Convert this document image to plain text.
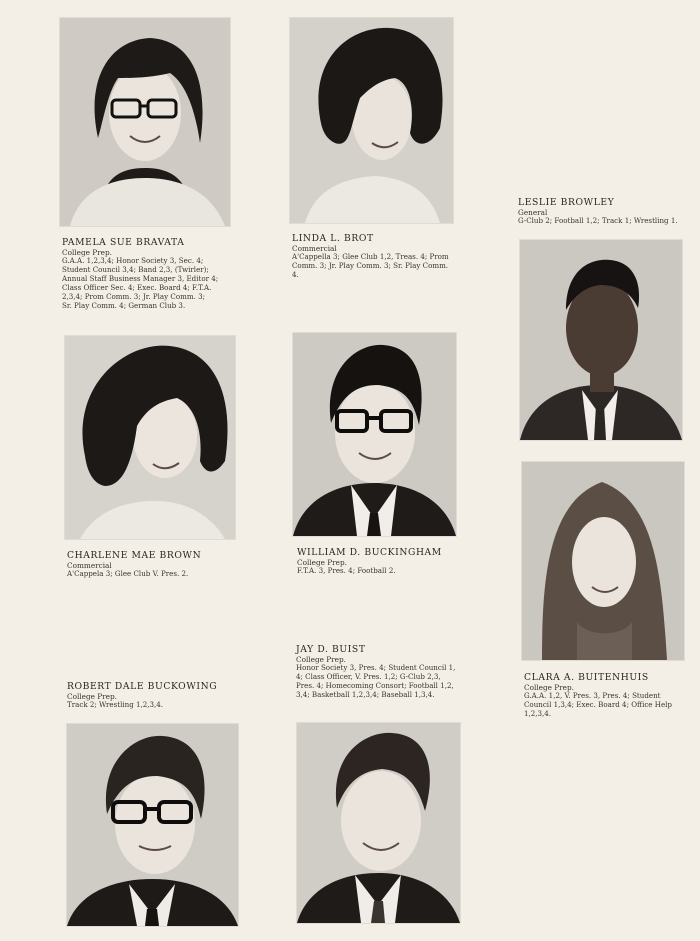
PAMELA SUE BRAVATA
College Prep.
G.A.A. 1,2,3,4; Honor Society 3, Sec. 4;
Student Council 3,4; Band 2,3, (Twirler);
Annual Staff Business Manager 3, Editor 4;
Class Officer Sec. 4; Exec. Board 4; F.T.A.
2,3,4; Prom Comm. 3; Jr. Play Comm. 3;
Sr. Play Comm. 4; German Club 3.
LINDA L. BROT
Commercial
A'Cappella 3; Glee Club 1,2, Treas. 4; Prom
Comm. 3; Jr. Play Comm. 3; Sr. Play Comm.
4.
LESLIE BROWLEY
General
G-Club 2; Football 1,2; Track 1; Wrestling 1.
CHARLENE MAE BROWN
Commercial
A'Cappela 3; Glee Club V. Pres. 2.
WILLIAM D. BUCKINGHAM
College Prep.
F.T.A. 3, Pres. 4; Football 2.
CLARA A. BUITENHUIS
College Prep.
G.A.A. 1,2, V. Pres. 3, Pres. 4; Student
Council 1,3,4; Exec. Board 4; Office Help
1,2,3,4.
JAY D. BUIST
College Prep.
Honor Society 3, Pres. 4; Student Council 1,
4; Class Officer, V. Pres. 1,2; G-Club 2,3,
Pres. 4; Homecoming Consort; Football 1,2,
3,4; Basketball 1,2,3,4; Baseball 1,3,4.
ROBERT DALE BUCKOWING
College Prep.
Track 2; Wrestling 1,2,3,4.
